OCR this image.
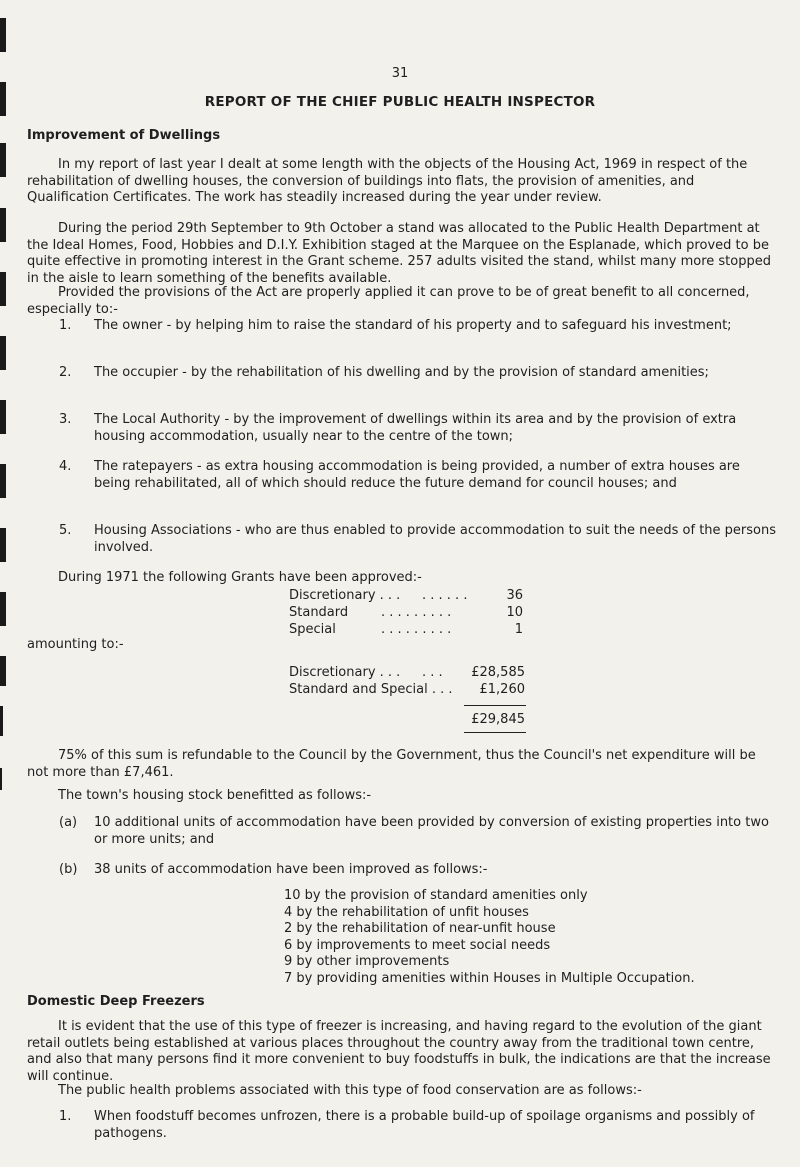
31
REPORT OF THE CHIEF PUBLIC HEALTH INSPECTOR
Improvement of Dwellings

In my report of last year I dealt at some length with the objects of the Housing Act, 1969 in respect of the rehabilitation of dwelling houses, the conversion of buildings into flats, the provision of amenities, and Qualification Certificates. The work has steadily increased during the year under review.

During the period 29th September to 9th October a stand was allocated to the Public Health Department at the Ideal Homes, Food, Hobbies and D.I.Y. Exhibition staged at the Marquee on the Esplanade, which proved to be quite effective in promoting interest in the Grant scheme. 257 adults visited the stand, whilst many more stopped in the aisle to learn something of the benefits available.

Provided the provisions of the Act are properly applied it can prove to be of great benefit to all concerned, especially to:-

1.	The owner - by helping him to raise the standard of his property and to safeguard his investment;
2.	The occupier - by the rehabilitation of his dwelling and by the provision of standard amenities;
3.	The Local Authority - by the improvement of dwellings within its area and by the provision of extra housing accommodation, usually near to the centre of the town;
4.	The ratepayers - as extra housing accommodation is being provided, a number of extra houses are being rehabilitated, all of which should reduce the future demand for council houses; and
5.	Housing Associations - who are thus enabled to provide accommodation to suit the needs of the persons involved.

During 1971 the following Grants have been approved:-

Discretionary . . . . . . . . .	36
Standard	. . . . . . . . .	10
Special	. . . . . . . . .	1
amounting to:-
Discretionary . . . . . . £28,585
Standard and Special . . . £1,260
£29,845

75% of this sum is refundable to the Council by the Government, thus the Council's net expenditure will be not more than £7,461.

The town's housing stock benefitted as follows:-

(a)	10 additional units of accommodation have been provided by conversion of existing properties into two or more units; and
(b)	38 units of accommodation have been improved as follows:-
10 by the provision of standard amenities only
4 by the rehabilitation of unfit houses
2 by the rehabilitation of near-unfit house
6 by improvements to meet social needs
9 by other improvements
7 by providing amenities within Houses in Multiple Occupation.
Domestic Deep Freezers

It is evident that the use of this type of freezer is increasing, and having regard to the evolution of the giant retail outlets being established at various places throughout the country away from the traditional town centre, and also that many persons find it more convenient to buy foodstuffs in bulk, the indications are that the increase will continue.

The public health problems associated with this type of food conservation are as follows:-

1.	When foodstuff becomes unfrozen, there is a probable build-up of spoilage organisms and possibly of pathogens.
